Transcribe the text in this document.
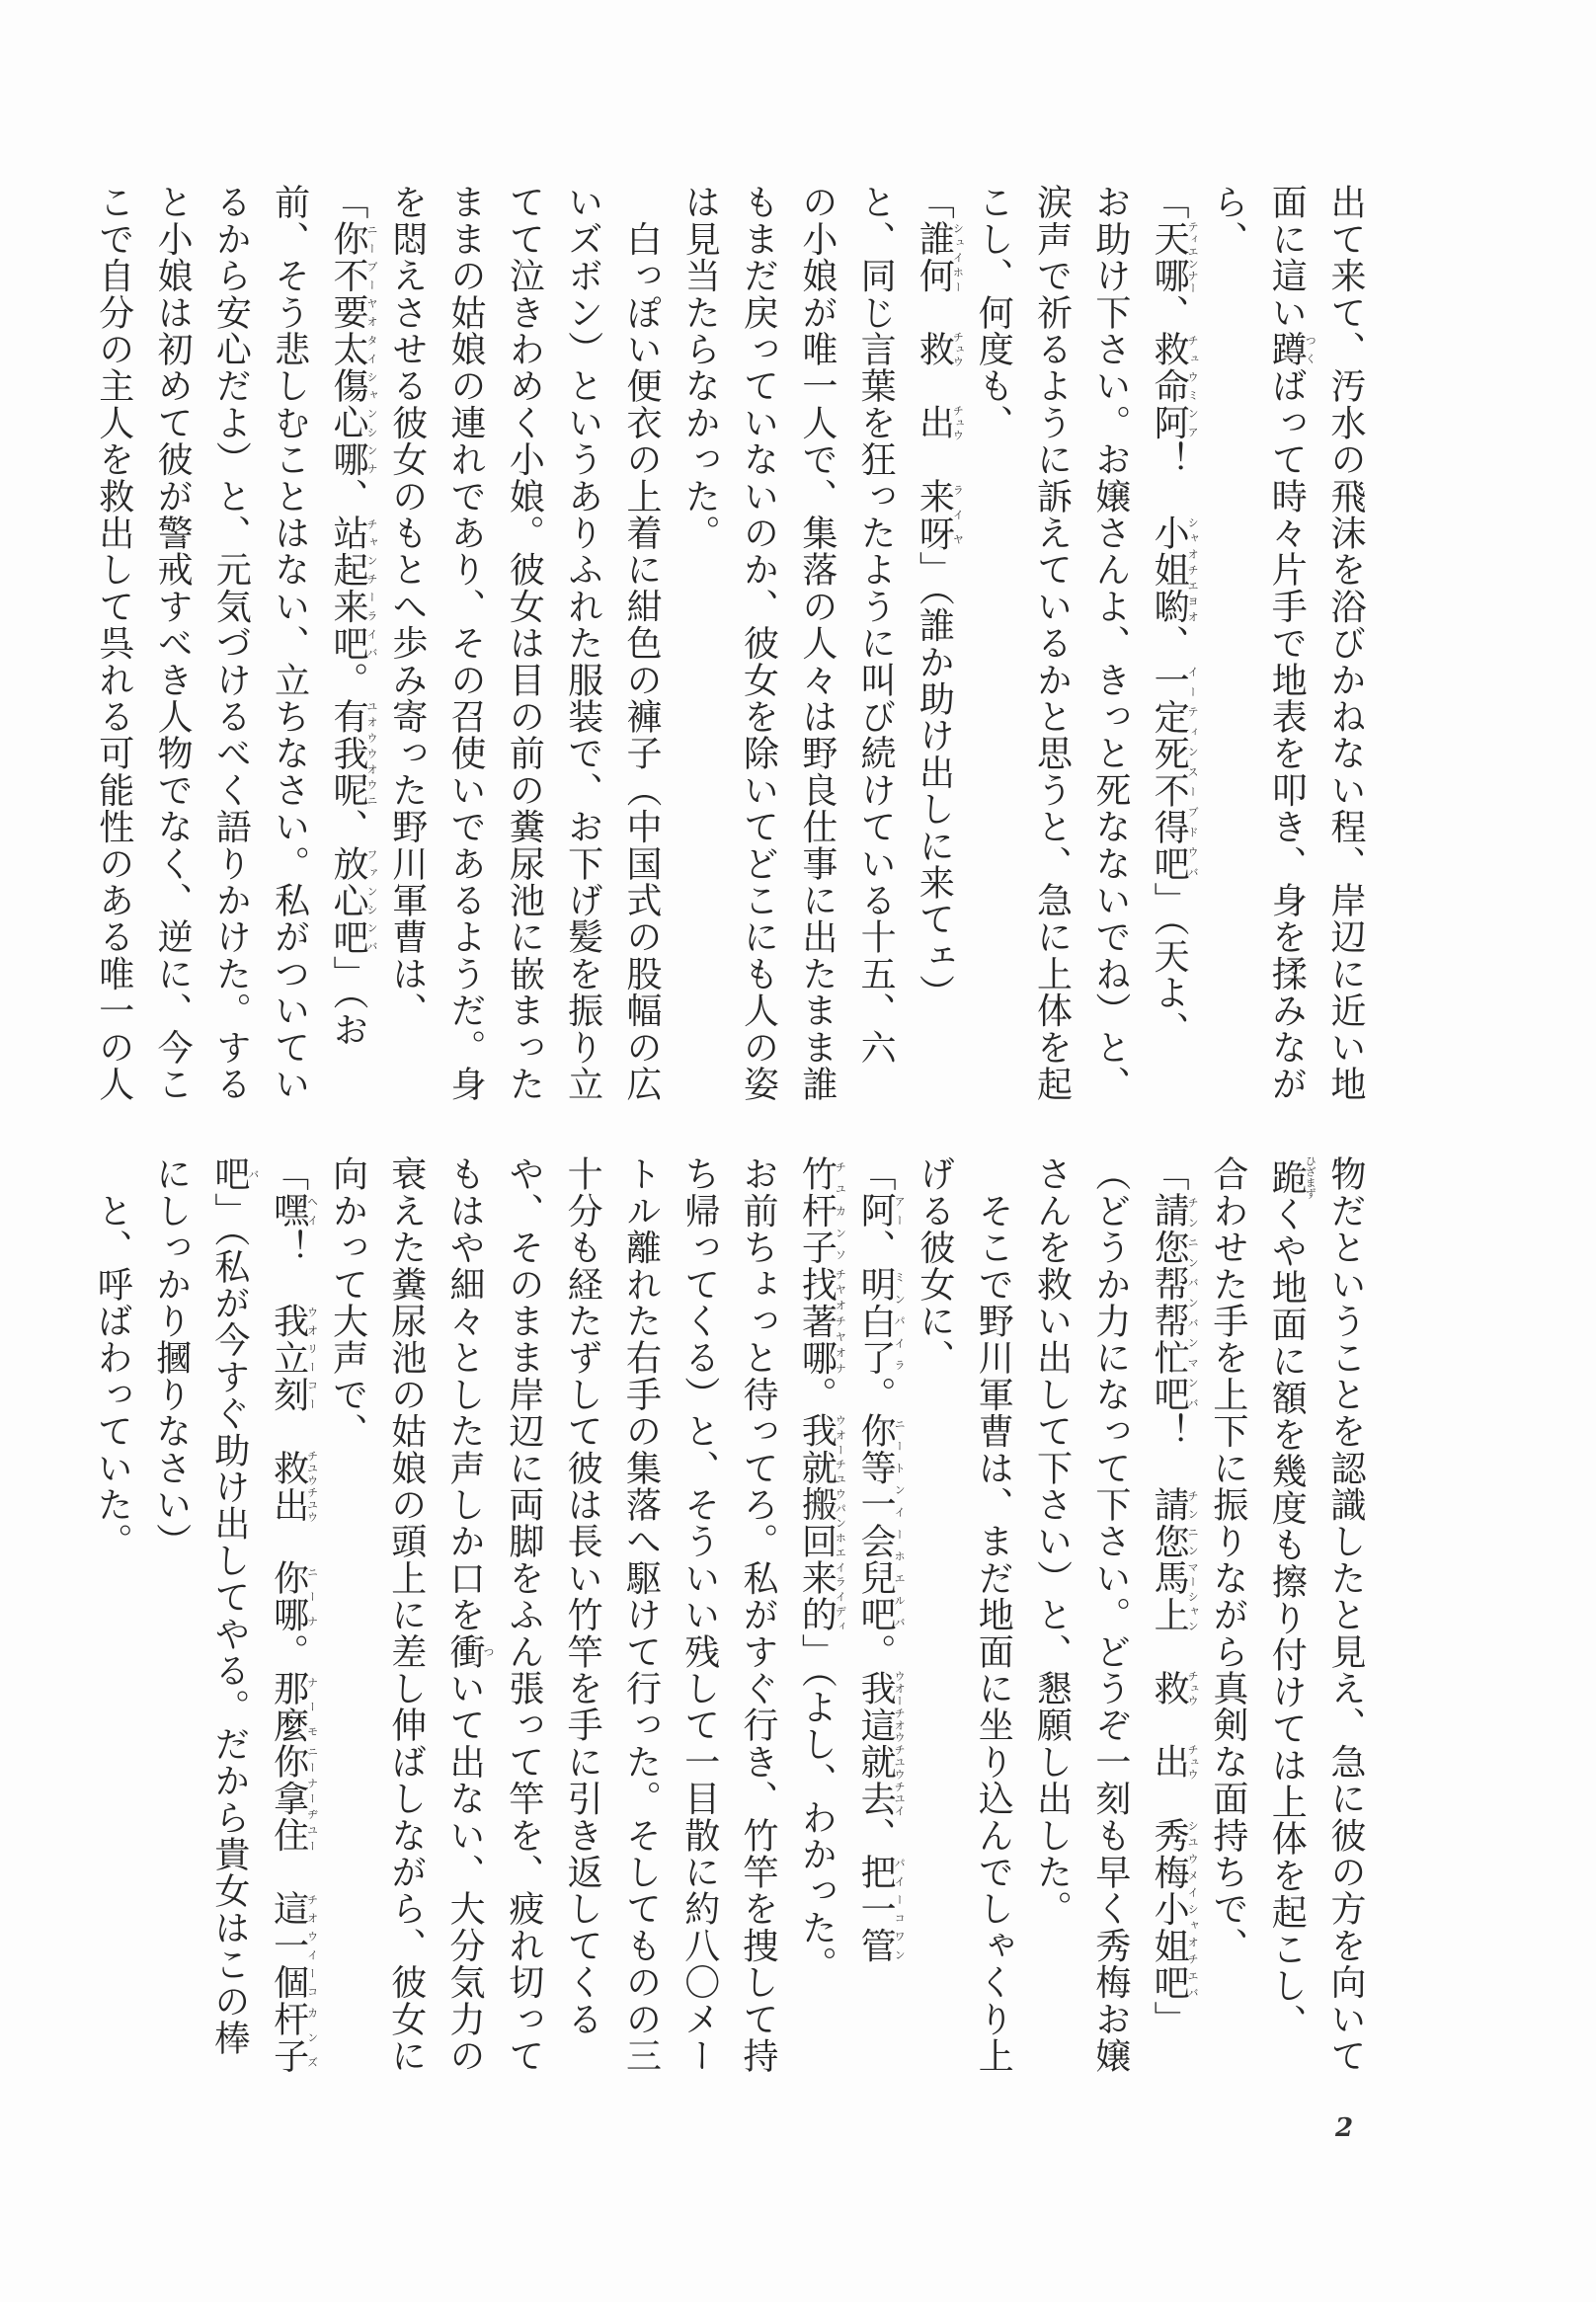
出て来て、汚水の飛沫を浴びかねない程、岸辺に近い地
面に這い蹲つくばって時々片手で地表を叩き、身を揉みなが
ら、
「天哪ティエンナー、救命阿チュウミンア！　小姐喲シャオチエヨオ、一定死不得吧イーティンスーブドウバ」（天よ、
お助け下さい。お嬢さんよ、きっと死なないでね）と、
涙声で祈るように訴えているかと思うと、急に上体を起
こし、何度も、
「誰何シュイホー　救チュウ　出チュウ　来呀ライヤ」（誰か助け出しに来てェ）
と、同じ言葉を狂ったように叫び続けている十五、六
の小娘が唯一人で、集落の人々は野良仕事に出たまま誰
もまだ戻っていないのか、彼女を除いてどこにも人の姿
は見当たらなかった。
　白っぽい便衣の上着に紺色の褲子（中国式の股幅の広
いズボン）というありふれた服装で、お下げ髪を振り立
てて泣きわめく小娘。彼女は目の前の糞尿池に嵌まった
ままの姑娘の連れであり、その召使いであるようだ。身
を悶えさせる彼女のもとへ歩み寄った野川軍曹は、
「你不要太傷心哪ニーブーヤオタイシャンシンナ、站起来吧チャンチーライバ。有我呢ユオウウオウニ、放心吧ファンシンバ」（お
前、そう悲しむことはない、立ちなさい。私がついてい
るから安心だよ）と、元気づけるべく語りかけた。する
と小娘は初めて彼が警戒すべき人物でなく、逆に、今こ
こで自分の主人を救出して呉れる可能性のある唯一の人
物だということを認識したと見え、急に彼の方を向いて
跪ひざまずくや地面に額を幾度も擦り付けては上体を起こし、
合わせた手を上下に振りながら真剣な面持ちで、
「請您帮帮忙吧チンニンバンバンマンバ！　請您チンニン馬上マーシャン　救チュウ　出チュウ　秀梅小姐吧シユウメイシャオチエバ」
（どうか力になって下さい。どうぞ一刻も早く秀梅お嬢
さんを救い出して下さい）と、懇願し出した。
　そこで野川軍曹は、まだ地面に坐り込んでしゃくり上
げる彼女に、
「阿アー、明白了ミンパイラ。你等一会兒吧ニートンイーホエルバ。我這就去ウオーチオウチユウチユイ、把一管パイーコワン
竹杆子チユカンソ找著哪チヤオチヤオナ。我就搬回来的ウオーチユウパンホエイライディ」（よし、わかった。
お前ちょっと待ってろ。私がすぐ行き、竹竿を捜して持
ち帰ってくる）と、そういい残して一目散に約八〇メー
トル離れた右手の集落へ駆けて行った。そしてものの三
十分も経たずして彼は長い竹竿を手に引き返してくる
や、そのまま岸辺に両脚をふん張って竿を、疲れ切って
もはや細々とした声しか口を衝ついて出ない、大分気力の
衰えた糞尿池の姑娘の頭上に差し伸ばしながら、彼女に
向かって大声で、
「嘿ヘイ！　我立刻ウオリーコー　救出チユウチユウ　你哪ニーナ。那麼ナーモ你拿住ニーナーヂユー　這一個チオウイーコ杆子カンズ
吧バ」（私が今すぐ助け出してやる。だから貴女はこの棒
にしっかり摑りなさい）
　と、呼ばわっていた。
2
